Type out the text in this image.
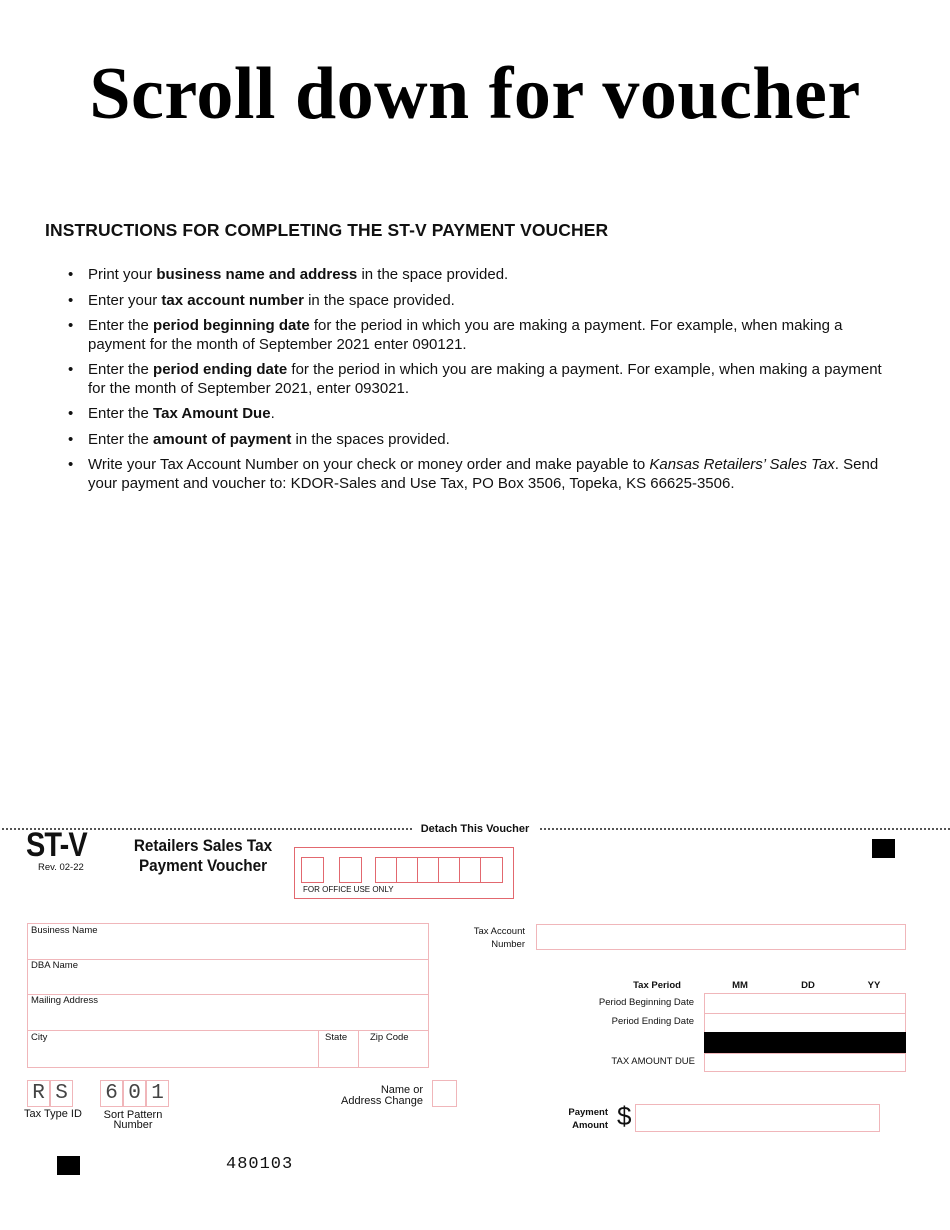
Scroll down for voucher
INSTRUCTIONS FOR COMPLETING THE ST-V PAYMENT VOUCHER
• Print your business name and address in the space provided.
• Enter your tax account number in the space provided.
• Enter the period beginning date for the period in which you are making a payment. For example, when making a payment for the month of September 2021 enter 090121.
• Enter the period ending date for the period in which you are making a payment. For example, when making a payment for the month of September 2021, enter 093021.
• Enter the Tax Amount Due.
• Enter the amount of payment in the spaces provided.
• Write your Tax Account Number on your check or money order and make payable to Kansas Retailers’ Sales Tax. Send your payment and voucher to: KDOR-Sales and Use Tax, PO Box 3506, Topeka, KS 66625-3506.
Detach This Voucher
ST-V
Rev. 02-22
Retailers Sales Tax
Payment Voucher
FOR OFFICE USE ONLY
Business Name
DBA Name
Mailing Address
City	State Zip Code
Tax Account
Number
Tax Period	MM	DD	YY
Period Beginning Date
Period Ending Date
TAX AMOUNT DUE
R S
Tax Type ID
6 0 1
Sort Pattern
Number
Name or
Address Change
Payment
Amount $
480103
